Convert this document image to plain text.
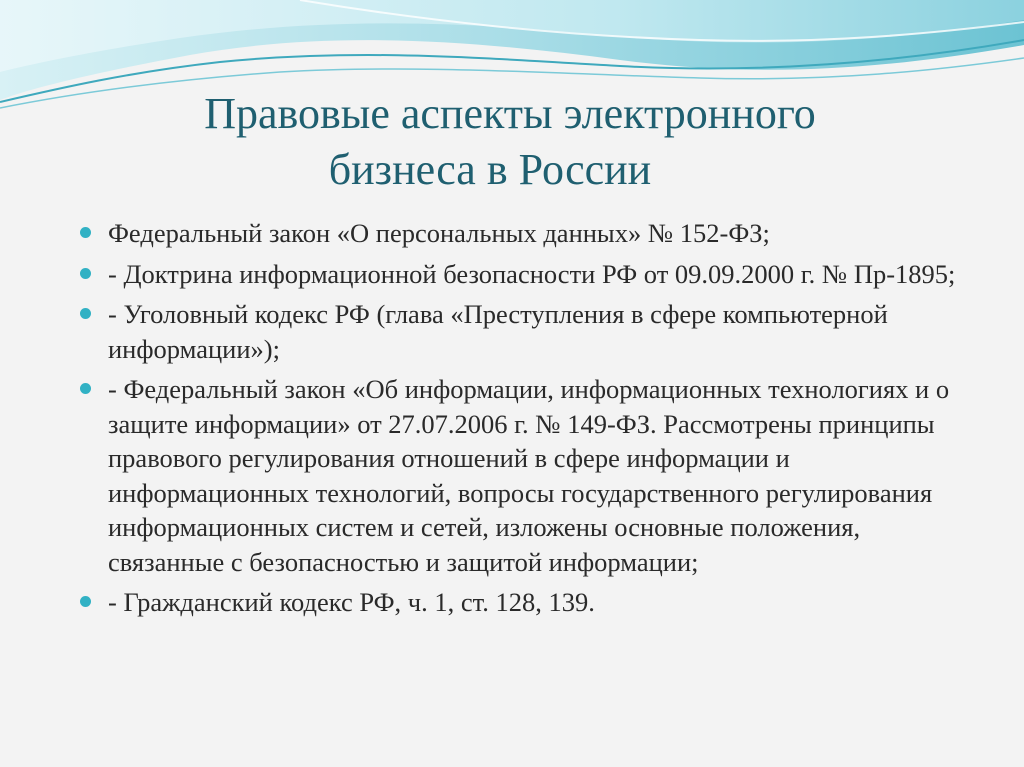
Правовые аспекты электронного
бизнеса в России
Федеральный закон «О персональных данных» № 152-ФЗ;
- Доктрина информационной безопасности РФ от 09.09.2000 г. № Пр-1895;
- Уголовный кодекс РФ (глава «Преступления в сфере компьютерной информации»);
- Федеральный закон «Об информации, информационных технологиях и о защите информации» от 27.07.2006 г. № 149-ФЗ. Рассмотрены принципы правового регулирования отношений в сфере информации и информационных технологий, вопросы государственного регулирования информационных систем и сетей, изложены основные положения, связанные с безопасностью и защитой информации;
- Гражданский кодекс РФ, ч. 1, ст. 128, 139.
